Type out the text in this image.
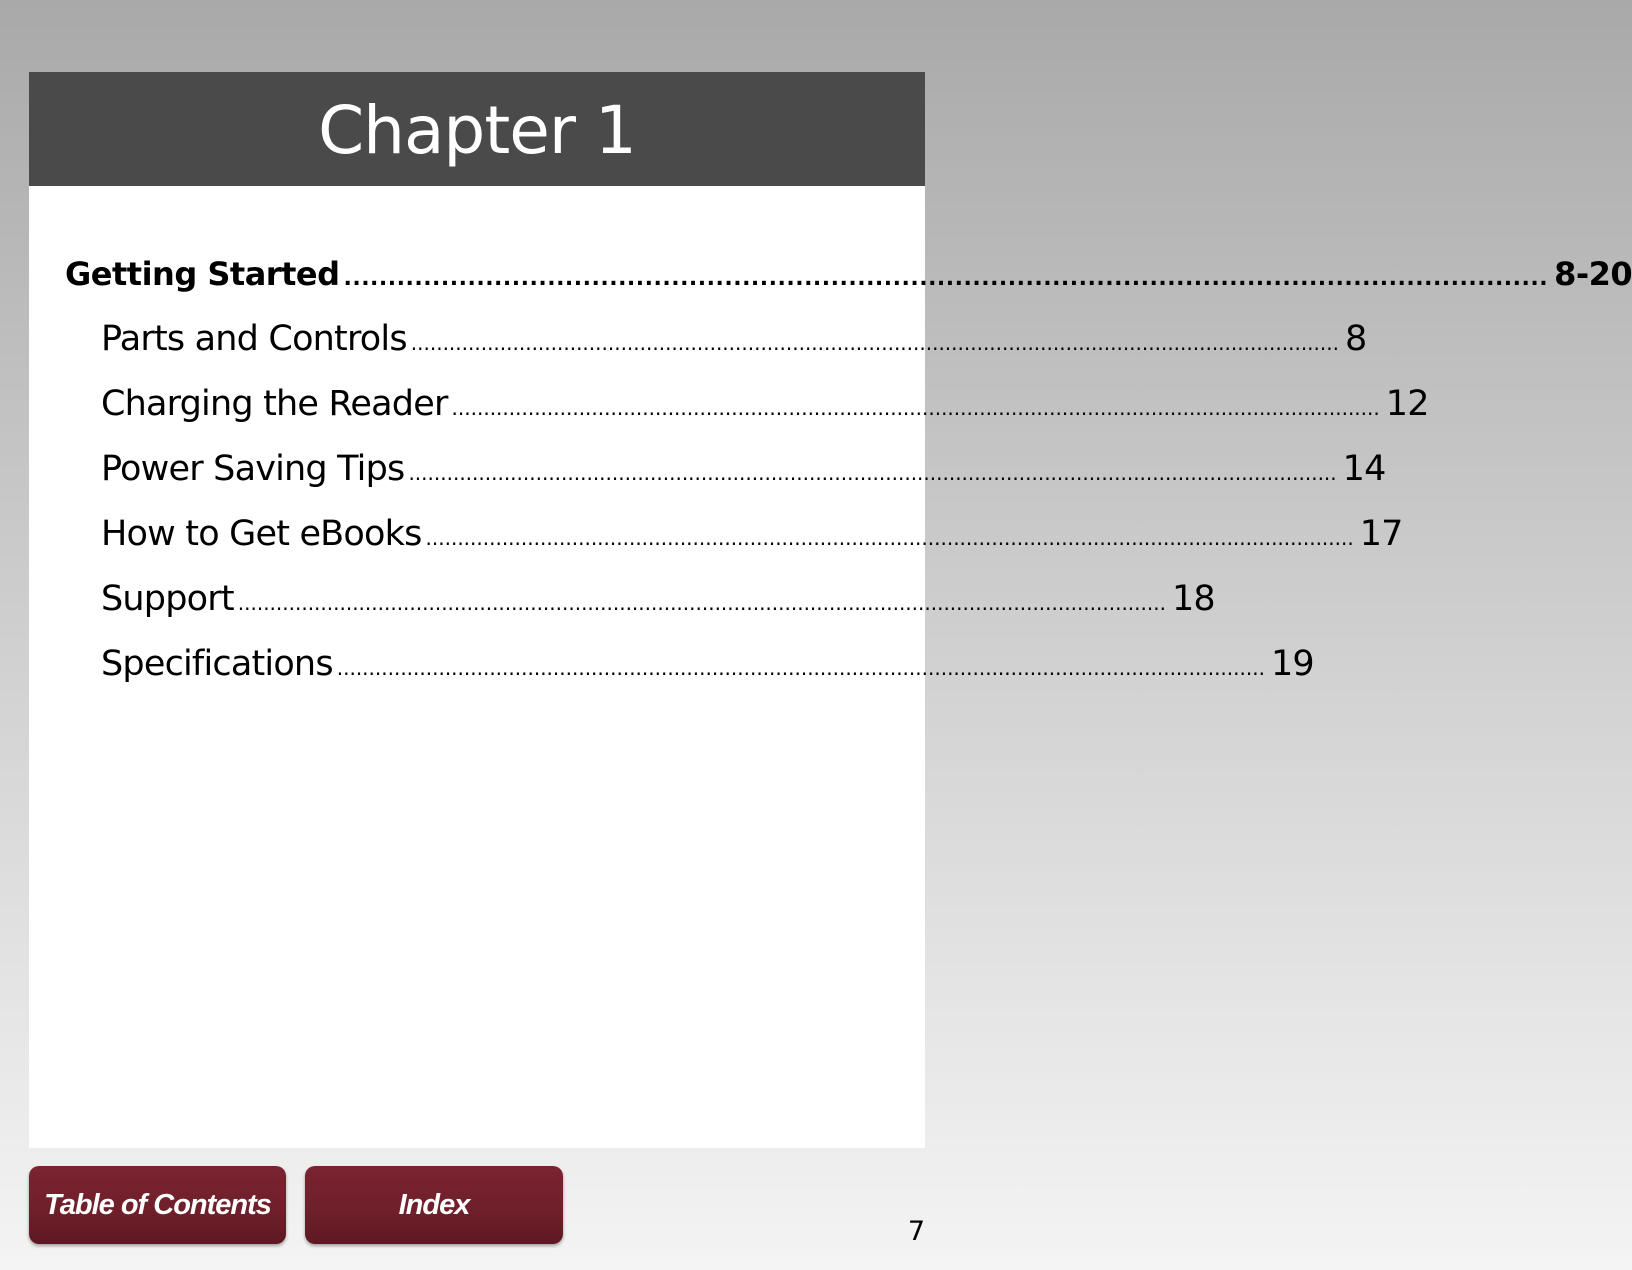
Chapter 1
Getting Started ........................................................................................................................................ 8-20
Parts and Controls .................................................................................................................................................. 8
Charging the Reader .................................................................................................................................................. 12
Power Saving Tips .................................................................................................................................................. 14
How to Get eBooks .................................................................................................................................................. 17
Support .................................................................................................................................................. 18
Specifications .................................................................................................................................................. 19
Table of Contents	Index
7
